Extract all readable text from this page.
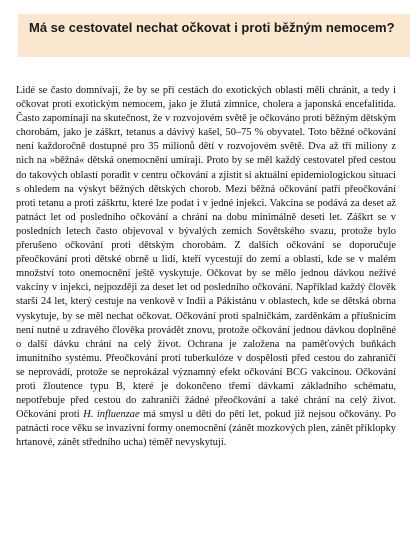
Má se cestovatel nechat očkovat i proti běžným nemocem?

Lidé se často domnívají, že by se při cestách do exotických oblastí měli chránit, a tedy i očkovat proti exotickým nemocem, jako je žlutá zimnice, cholera a japonská encefalitida. Často zapomínají na skutečnost, že v rozvojovém světě je očkováno proti běžným dětským chorobám, jako je záškrt, tetanus a dávivý kašel, 50–75 % obyvatel. Toto běžné očkování není každoročně dostupné pro 35 milionů dětí v rozvojovém světě. Dva až tři miliony z nich na »běžná« dětská onemocnění umírají. Proto by se měl každý cestovatel před cestou do takových oblastí poradit v centru očkování a zjistit si aktuální epidemiologickou situaci s ohledem na výskyt běžných dětských chorob. Mezi běžná očkování patří přeočkování proti tetanu a proti záškrtu, které lze podat i v jedné injekci. Vakcína se podává za deset až patnáct let od posledního očkování a chrání na dobu minimálně deseti let. Záškrt se v posledních letech často objevoval v bývalých zemích Sovětského svazu, protože bylo přerušeno očkování proti dětským chorobám. Z dalších očkování se doporučuje přeočkování proti dětské obrně u lidí, kteří vycestují do zemí a oblastí, kde se v malém množství toto onemocnění ještě vyskytuje. Očkovat by se mělo jednou dávkou neživé vakcíny v injekci, nejpozději za deset let od posledního očkování. Například každý člověk starší 24 let, který cestuje na venkově v Indii a Pákistánu v oblastech, kde se dětská obrna vyskytuje, by se měl nechat očkovat. Očkování proti spalničkám, zarděnkám a příušnicím není nutné u zdravého člověka provádět znovu, protože očkování jednou dávkou doplněné o další dávku chrání na celý život. Ochrana je založena na paměťových buňkách imunitního systému. Přeočkování proti tuberkulóze v dospělosti před cestou do zahraničí se neprovádí, protože se neprokázal významný efekt očkování BCG vakcínou. Očkování proti žloutence typu B, které je dokončeno třemi dávkami základního schématu, nepotřebuje před cestou do zahraničí žádné přeočkování a také chrání na celý život. Očkování proti H. influenzae má smysl u dětí do pěti let, pokud již nejsou očkovány. Po patnácti roce věku se invazivní formy onemocnění (zánět mozkových plen, zánět příklopky hrtanové, zánět středního ucha) téměř nevyskytují.
